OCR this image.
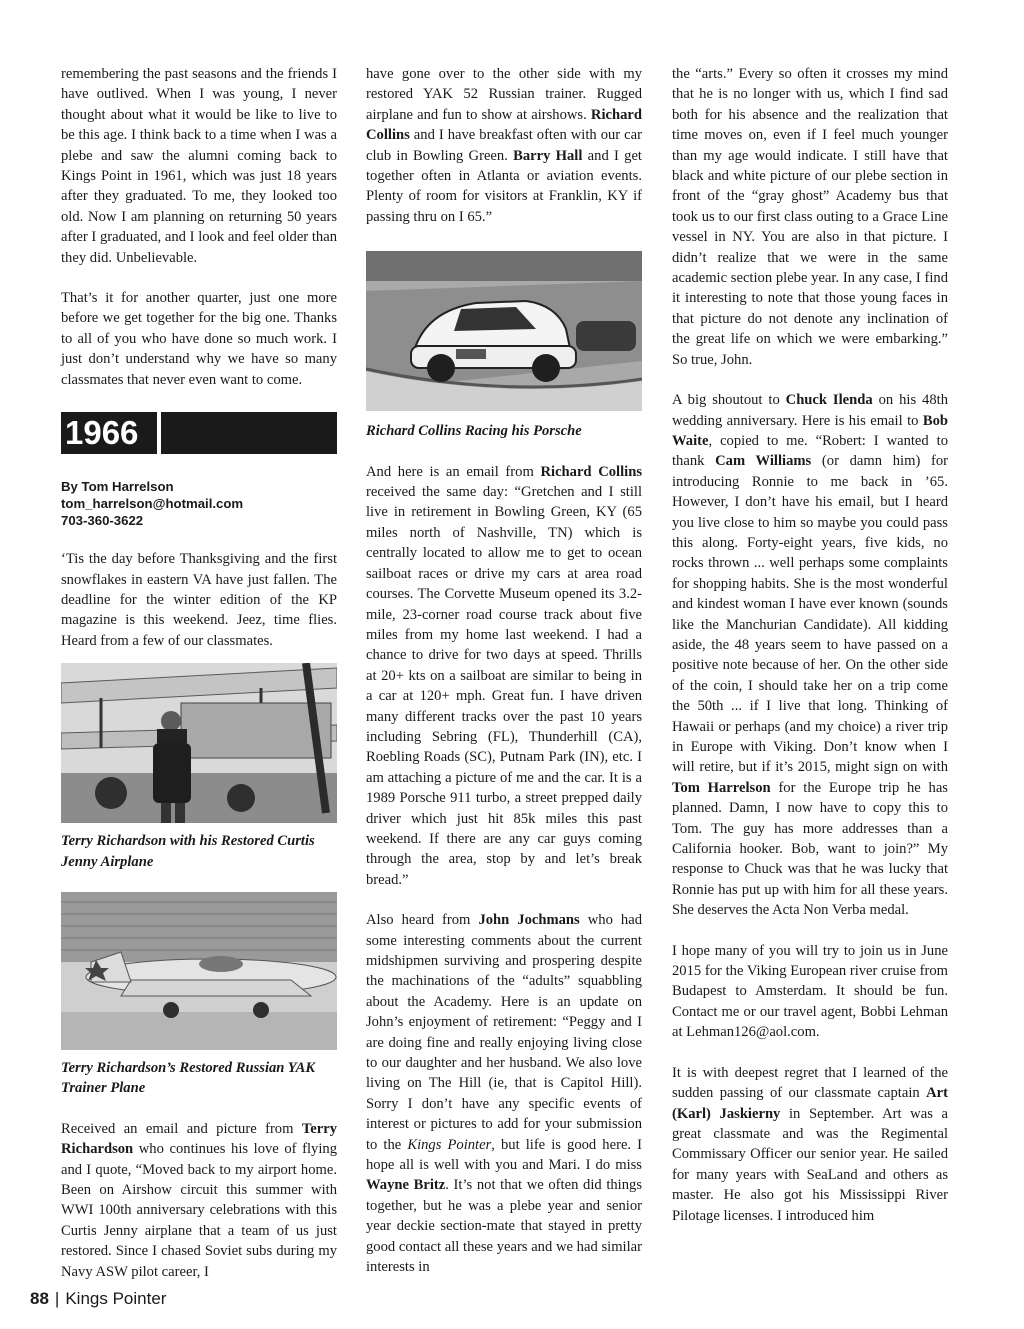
remembering the past seasons and the friends I have outlived. When I was young, I never thought about what it would be like to live to be this age. I think back to a time when I was a plebe and saw the alumni coming back to Kings Point in 1961, which was just 18 years after they graduated. To me, they looked too old. Now I am planning on returning 50 years after I graduated, and I look and feel older than they did. Unbelievable.

That’s it for another quarter, just one more before we get together for the big one. Thanks to all of you who have done so much work. I just don’t understand why we have so many classmates that never even want to come.

1966
By Tom Harrelson
tom_harrelson@hotmail.com
703-360-3622

‘Tis the day before Thanksgiving and the first snowflakes in eastern VA have just fallen. The deadline for the winter edition of the KP magazine is this weekend. Jeez, time flies. Heard from a few of our classmates.

Terry Richardson with his Restored Curtis Jenny Airplane

Terry Richardson’s Restored Russian YAK Trainer Plane

Received an email and picture from Terry Richardson who continues his love of flying and I quote, “Moved back to my airport home. Been on Airshow circuit this summer with WWI 100th anniversary celebrations with this Curtis Jenny airplane that a team of us just restored. Since I chased Soviet subs during my Navy ASW pilot career, I

have gone over to the other side with my restored YAK 52 Russian trainer. Rugged airplane and fun to show at airshows. Richard Collins and I have breakfast often with our car club in Bowling Green. Barry Hall and I get together often in Atlanta or aviation events. Plenty of room for visitors at Franklin, KY if passing thru on I 65.”

Richard Collins Racing his Porsche

And here is an email from Richard Collins received the same day: “Gretchen and I still live in retirement in Bowling Green, KY (65 miles north of Nashville, TN) which is centrally located to allow me to get to ocean sailboat races or drive my cars at area road courses. The Corvette Museum opened its 3.2-mile, 23-corner road course track about five miles from my home last weekend. I had a chance to drive for two days at speed. Thrills at 20+ kts on a sailboat are similar to being in a car at 120+ mph. Great fun. I have driven many different tracks over the past 10 years including Sebring (FL), Thunderhill (CA), Roebling Roads (SC), Putnam Park (IN), etc. I am attaching a picture of me and the car. It is a 1989 Porsche 911 turbo, a street prepped daily driver which just hit 85k miles this past weekend. If there are any car guys coming through the area, stop by and let’s break bread.”

Also heard from John Jochmans who had some interesting comments about the current midshipmen surviving and prospering despite the machinations of the “adults” squabbling about the Academy. Here is an update on John’s enjoyment of retirement: “Peggy and I are doing fine and really enjoying living close to our daughter and her husband. We also love living on The Hill (ie, that is Capitol Hill). Sorry I don’t have any specific events of interest or pictures to add for your submission to the Kings Pointer, but life is good here. I hope all is well with you and Mari. I do miss Wayne Britz. It’s not that we often did things together, but he was a plebe year and senior year deckie section-mate that stayed in pretty good contact all these years and we had similar interests in

the “arts.” Every so often it crosses my mind that he is no longer with us, which I find sad both for his absence and the realization that time moves on, even if I feel much younger than my age would indicate. I still have that black and white picture of our plebe section in front of the “gray ghost” Academy bus that took us to our first class outing to a Grace Line vessel in NY. You are also in that picture. I didn’t realize that we were in the same academic section plebe year. In any case, I find it interesting to note that those young faces in that picture do not denote any inclination of the great life on which we were embarking.” So true, John.

A big shoutout to Chuck Ilenda on his 48th wedding anniversary. Here is his email to Bob Waite, copied to me. “Robert: I wanted to thank Cam Williams (or damn him) for introducing Ronnie to me back in ’65. However, I don’t have his email, but I heard you live close to him so maybe you could pass this along. Forty-eight years, five kids, no rocks thrown ... well perhaps some complaints for shopping habits. She is the most wonderful and kindest woman I have ever known (sounds like the Manchurian Candidate). All kidding aside, the 48 years seem to have passed on a positive note because of her. On the other side of the coin, I should take her on a trip come the 50th ... if I live that long. Thinking of Hawaii or perhaps (and my choice) a river trip in Europe with Viking. Don’t know when I will retire, but if it’s 2015, might sign on with Tom Harrelson for the Europe trip he has planned. Damn, I now have to copy this to Tom. The guy has more addresses than a California hooker. Bob, want to join?” My response to Chuck was that he was lucky that Ronnie has put up with him for all these years. She deserves the Acta Non Verba medal.

I hope many of you will try to join us in June 2015 for the Viking European river cruise from Budapest to Amsterdam. It should be fun. Contact me or our travel agent, Bobbi Lehman at Lehman126@aol.com.

It is with deepest regret that I learned of the sudden passing of our classmate captain Art (Karl) Jaskierny in September. Art was a great classmate and was the Regimental Commissary Officer our senior year. He sailed for many years with SeaLand and others as master. He also got his Mississippi River Pilotage licenses. I introduced him

88 | Kings Pointer
